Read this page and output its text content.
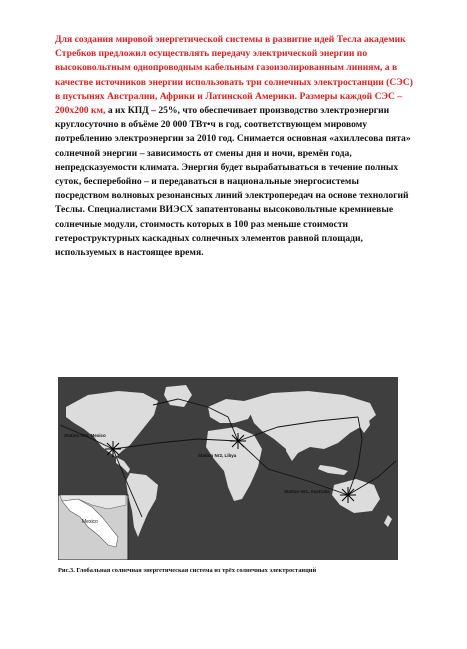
Для создания мировой энергетической системы в развитие идей Тесла академик Стребков предложил осуществлять передачу электрической энергии по высоковольтным однопроводным кабельным газоизолированным линиям, а в качестве источников энергии использовать три солнечных электростанции (СЭС) в пустынях Австралии, Африки и Латинской Америки. Размеры каждой СЭС – 200х200 км, а их КПД – 25%, что обеспечивает производство электроэнергии круглосуточно в объёме 20 000 ТВт•ч в год, соответствующем мировому потреблению электроэнергии за 2010 год. Снимается основная «ахиллесова пята» солнечной энергии – зависимость от смены дня и ночи, времён года, непредсказуемости климата. Энергия будет вырабатываться в течение полных суток, бесперебойно – и передаваться в национальные энергосистемы посредством волновых резонансных линий электропередач на основе технологий Теслы. Специалистами ВИЭСХ запатентованы высоковольтные кремниевые солнечные модули, стоимость которых в 100 раз меньше стоимости гетероструктурных каскадных солнечных элементов равной площади, используемых в настоящее время.
Station Nr3, Mexico
Station Nr2, Libya
Station Nr1, Australia
Mexico
Рис.3. Глобальная солнечная энергетическая система из трёх солнечных электростанций
